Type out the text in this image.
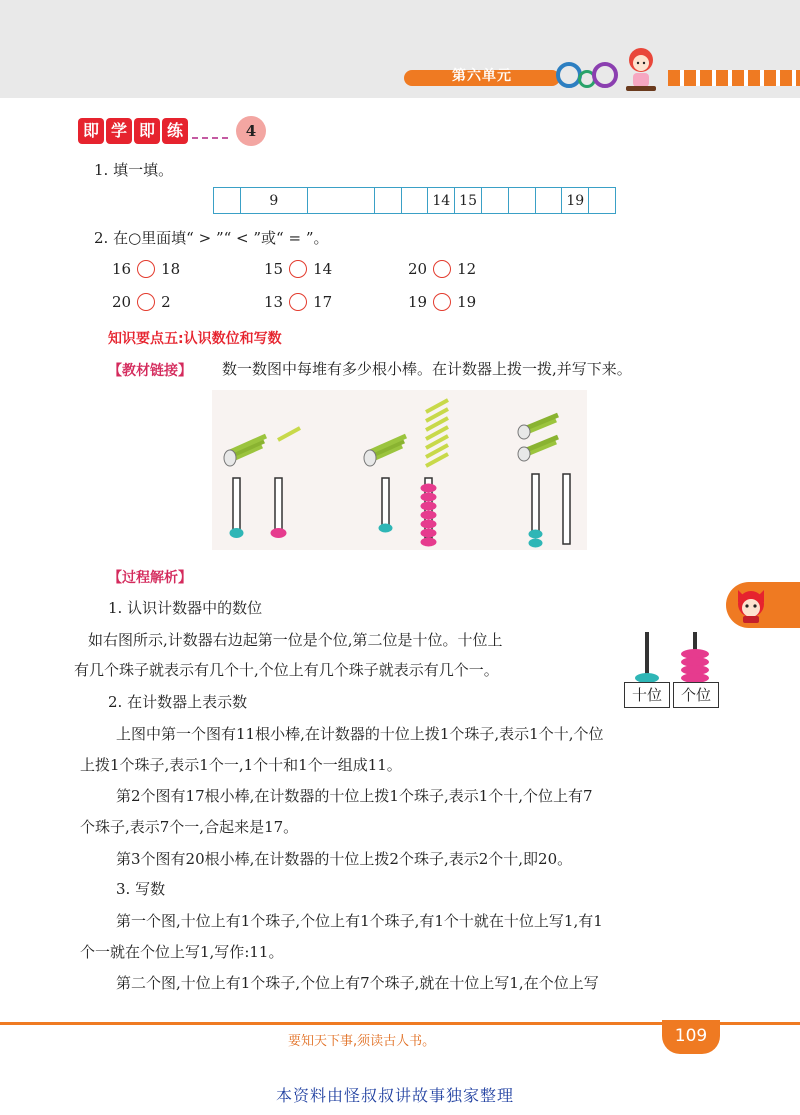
第六单元
即 学 即 练	4
1. 填一填。
	9				14	15				19	
2. 在○里面填“ > ”“ < ”或“ = ”。
16 18	15 14	20 12
20 2	13 17	19 19
知识要点五:认识数位和写数
【教材链接】 数一数图中每堆有多少根小棒。在计数器上拨一拨,并写下来。
【过程解析】
1. 认识计数器中的数位
如右图所示,计数器右边起第一位是个位,第二位是十位。十位上
有几个珠子就表示有几个十,个位上有几个珠子就表示有几个一。
十位	个位
2. 在计数器上表示数
上图中第一个图有11根小棒,在计数器的十位上拨1个珠子,表示1个十,个位
上拨1个珠子,表示1个一,1个十和1个一组成11。
第2个图有17根小棒,在计数器的十位上拨1个珠子,表示1个十,个位上有7
个珠子,表示7个一,合起来是17。
第3个图有20根小棒,在计数器的十位上拨2个珠子,表示2个十,即20。
3. 写数
第一个图,十位上有1个珠子,个位上有1个珠子,有1个十就在十位上写1,有1
个一就在个位上写1,写作:11。
第二个图,十位上有1个珠子,个位上有7个珠子,就在十位上写1,在个位上写
要知天下事,须读古人书。	109
本资料由怪叔叔讲故事独家整理
